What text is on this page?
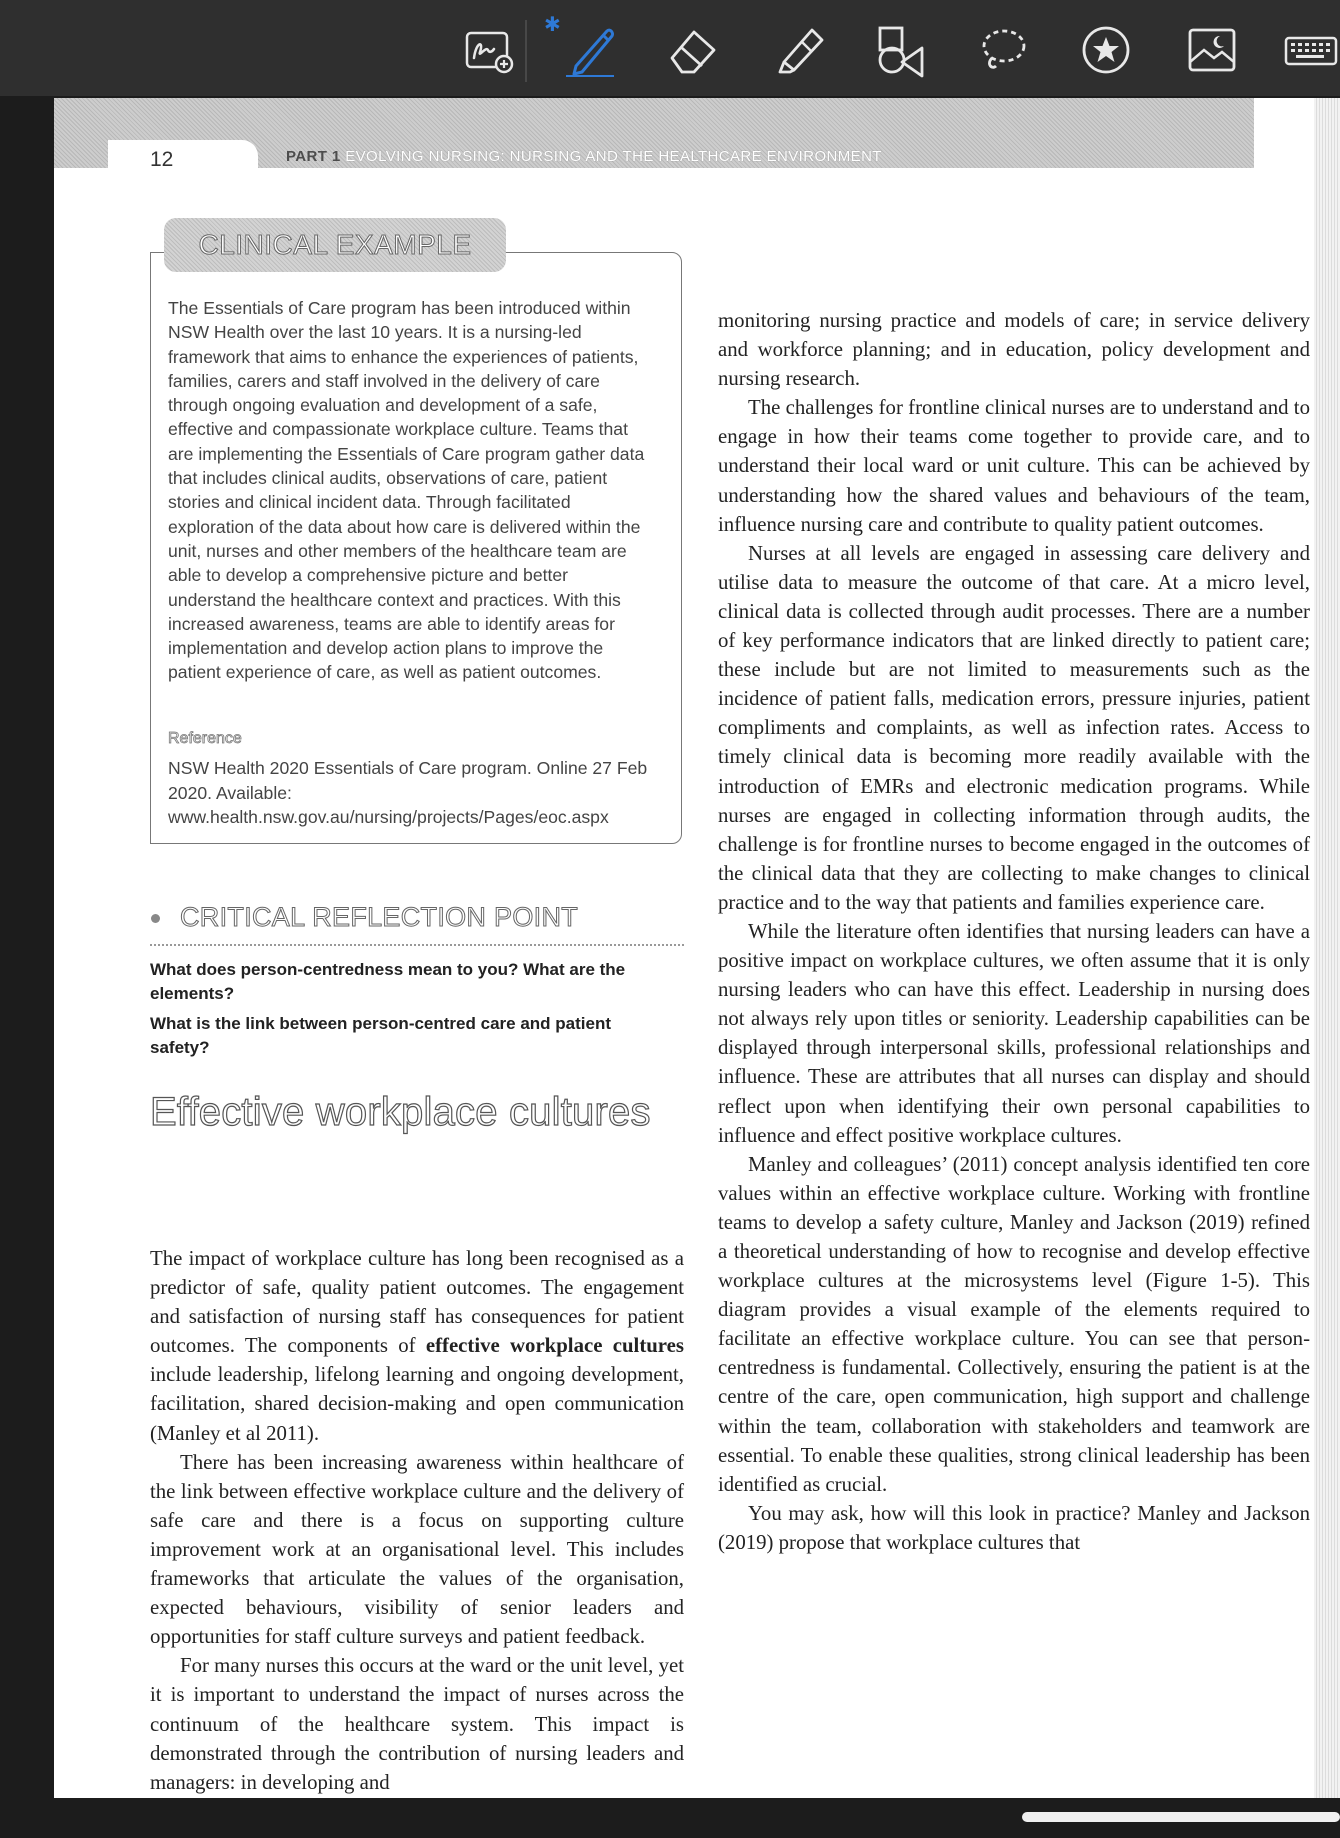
✱
12	PART 1 EVOLVING NURSING: NURSING AND THE HEALTHCARE ENVIRONMENT
CLINICAL EXAMPLE

The Essentials of Care program has been introduced within NSW Health over the last 10 years. It is a nursing-led framework that aims to enhance the experiences of patients, families, carers and staff involved in the delivery of care through ongoing evaluation and development of a safe, effective and compassionate workplace culture. Teams that are implementing the Essentials of Care program gather data that includes clinical audits, observations of care, patient stories and clinical incident data. Through facilitated exploration of the data about how care is delivered within the unit, nurses and other members of the healthcare team are able to develop a comprehensive picture and better understand the healthcare context and practices. With this increased awareness, teams are able to identify areas for implementation and develop action plans to improve the patient experience of care, as well as patient outcomes.

Reference

NSW Health 2020 Essentials of Care program. Online 27 Feb 2020. Available: www.health.nsw.gov.au/nursing/projects/Pages/eoc.aspx

CRITICAL REFLECTION POINT

What does person-centredness mean to you? What are the elements?

What is the link between person-centred care and patient safety?

Effective workplace cultures

The impact of workplace culture has long been recognised as a predictor of safe, quality patient outcomes. The engagement and satisfaction of nursing staff has consequences for patient outcomes. The components of effective workplace cultures include leadership, lifelong learning and ongoing development, facilitation, shared decision-making and open communication (Manley et al 2011).

There has been increasing awareness within healthcare of the link between effective workplace culture and the delivery of safe care and there is a focus on supporting culture improvement work at an organisational level. This includes frameworks that articulate the values of the organisation, expected behaviours, visibility of senior leaders and opportunities for staff culture surveys and patient feedback.

For many nurses this occurs at the ward or the unit level, yet it is important to understand the impact of nurses across the continuum of the healthcare system. This impact is demonstrated through the contribution of nursing leaders and managers: in developing and

monitoring nursing practice and models of care; in service delivery and workforce planning; and in education, policy development and nursing research.

The challenges for frontline clinical nurses are to understand and to engage in how their teams come together to provide care, and to understand their local ward or unit culture. This can be achieved by understanding how the shared values and behaviours of the team, influence nursing care and contribute to quality patient outcomes.

Nurses at all levels are engaged in assessing care delivery and utilise data to measure the outcome of that care. At a micro level, clinical data is collected through audit processes. There are a number of key performance indicators that are linked directly to patient care; these include but are not limited to measurements such as the incidence of patient falls, medication errors, pressure injuries, patient compliments and complaints, as well as infection rates. Access to timely clinical data is becoming more readily available with the introduction of EMRs and electronic medication programs. While nurses are engaged in collecting information through audits, the challenge is for frontline nurses to become engaged in the outcomes of the clinical data that they are collecting to make changes to clinical practice and to the way that patients and families experience care.

While the literature often identifies that nursing leaders can have a positive impact on workplace cultures, we often assume that it is only nursing leaders who can have this effect. Leadership in nursing does not always rely upon titles or seniority. Leadership capabilities can be displayed through interpersonal skills, professional relationships and influence. These are attributes that all nurses can display and should reflect upon when identifying their own personal capabilities to influence and effect positive workplace cultures.

Manley and colleagues’ (2011) concept analysis identified ten core values within an effective workplace culture. Working with frontline teams to develop a safety culture, Manley and Jackson (2019) refined a theoretical understanding of how to recognise and develop effective workplace cultures at the microsystems level (Figure 1-5). This diagram provides a visual example of the elements required to facilitate an effective workplace culture. You can see that person-centredness is fundamental. Collectively, ensuring the patient is at the centre of the care, open communication, high support and challenge within the team, collaboration with stakeholders and teamwork are essential. To enable these qualities, strong clinical leadership has been identified as crucial.

You may ask, how will this look in practice? Manley and Jackson (2019) propose that workplace cultures that
